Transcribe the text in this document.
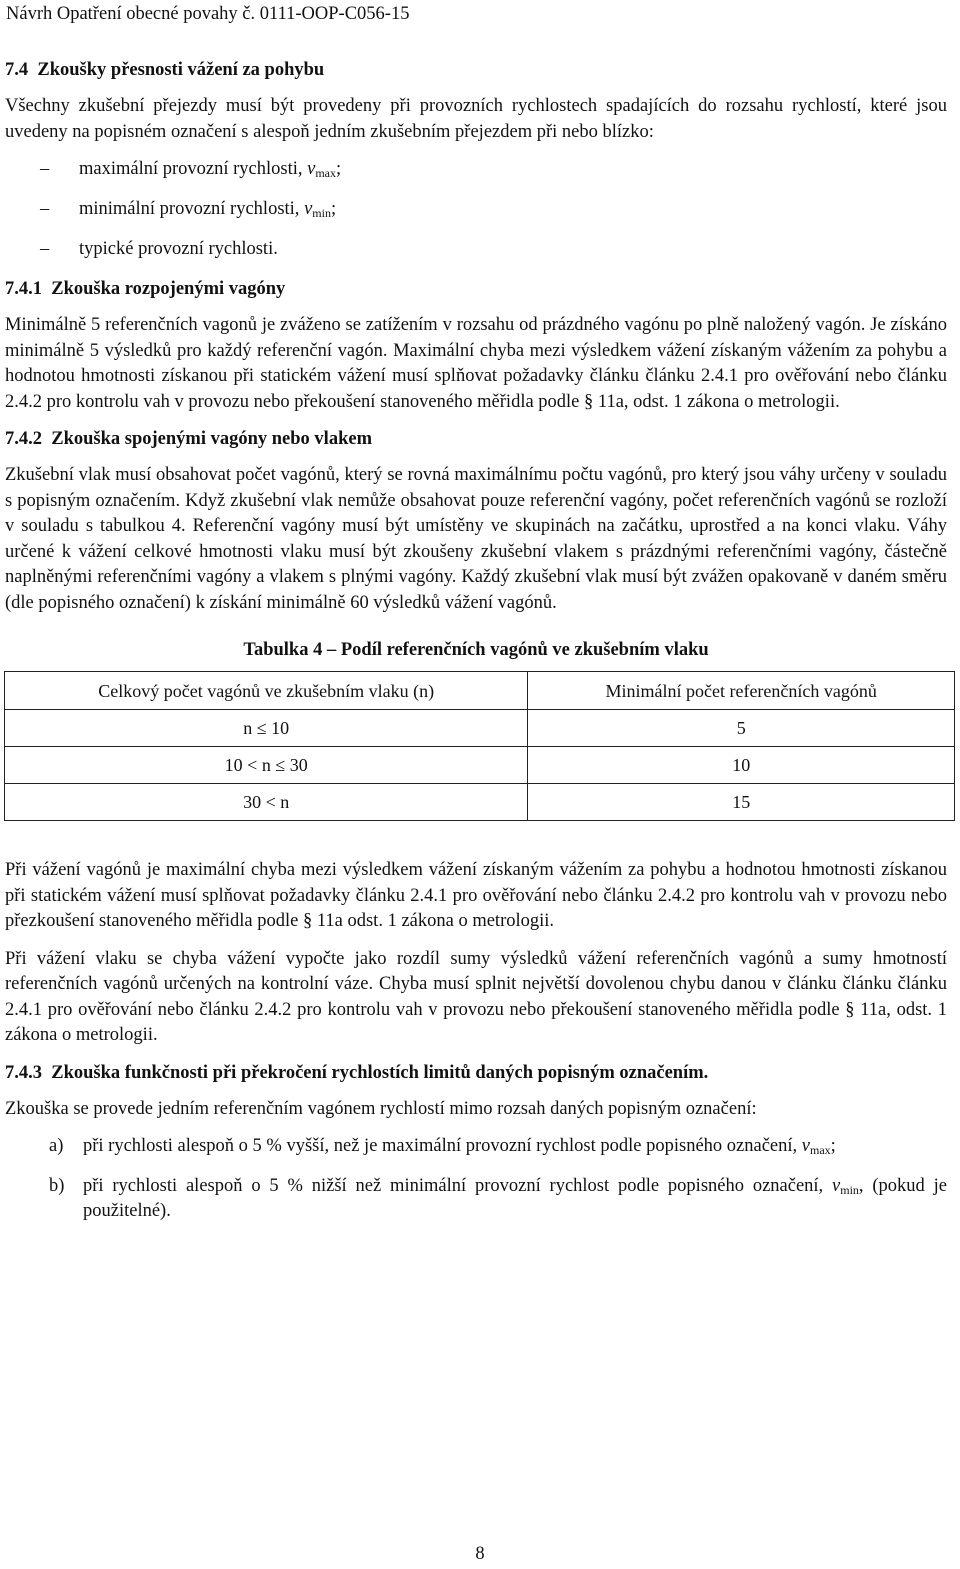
Návrh Opatření obecné povahy č. 0111-OOP-C056-15
7.4 Zkoušky přesnosti vážení za pohybu

Všechny zkušební přejezdy musí být provedeny při provozních rychlostech spadajících do rozsahu rychlostí, které jsou uvedeny na popisném označení s alespoň jedním zkušebním přejezdem při nebo blízko:

– maximální provozní rychlosti, $v_{max}$;
– minimální provozní rychlosti, $v_{min}$;
– typické provozní rychlosti.
7.4.1 Zkouška rozpojenými vagóny

Minimálně 5 referenčních vagonů je zváženo se zatížením v rozsahu od prázdného vagónu po plně naložený vagón. Je získáno minimálně 5 výsledků pro každý referenční vagón. Maximální chyba mezi výsledkem vážení získaným vážením za pohybu a hodnotou hmotnosti získanou při statickém vážení musí splňovat požadavky článku článku 2.4.1 pro ověřování nebo článku 2.4.2 pro kontrolu vah v provozu nebo překoušení stanoveného měřidla podle § 11a, odst. 1 zákona o metrologii.

7.4.2 Zkouška spojenými vagóny nebo vlakem

Zkušební vlak musí obsahovat počet vagónů, který se rovná maximálnímu počtu vagónů, pro který jsou váhy určeny v souladu s popisným označením. Když zkušební vlak nemůže obsahovat pouze referenční vagóny, počet referenčních vagónů se rozloží v souladu s tabulkou 4. Referenční vagóny musí být umístěny ve skupinách na začátku, uprostřed a na konci vlaku. Váhy určené k vážení celkové hmotnosti vlaku musí být zkoušeny zkušební vlakem s prázdnými referenčními vagóny, částečně naplněnými referenčními vagóny a vlakem s plnými vagóny. Každý zkušební vlak musí být zvážen opakovaně v daném směru (dle popisného označení) k získání minimálně 60 výsledků vážení vagónů.

Tabulka 4 – Podíl referenčních vagónů ve zkušebním vlaku
Celkový počet vagónů ve zkušebním vlaku (n)	Minimální počet referenčních vagónů
n ≤ 10	5
10 < n ≤ 30	10
30 < n	15

Při vážení vagónů je maximální chyba mezi výsledkem vážení získaným vážením za pohybu a hodnotou hmotnosti získanou při statickém vážení musí splňovat požadavky článku 2.4.1 pro ověřování nebo článku 2.4.2 pro kontrolu vah v provozu nebo přezkoušení stanoveného měřidla podle § 11a odst. 1 zákona o metrologii.

Při vážení vlaku se chyba vážení vypočte jako rozdíl sumy výsledků vážení referenčních vagónů a sumy hmotností referenčních vagónů určených na kontrolní váze. Chyba musí splnit největší dovolenou chybu danou v článku článku článku 2.4.1 pro ověřování nebo článku 2.4.2 pro kontrolu vah v provozu nebo překoušení stanoveného měřidla podle § 11a, odst. 1 zákona o metrologii.

7.4.3 Zkouška funkčnosti při překročení rychlostích limitů daných popisným označením.

Zkouška se provede jedním referenčním vagónem rychlostí mimo rozsah daných popisným označení:

a) při rychlosti alespoň o 5 % vyšší, než je maximální provozní rychlost podle popisného označení, $v_{max}$;
b) při rychlosti alespoň o 5 % nižší než minimální provozní rychlost podle popisného označení, $v_{min}$, (pokud je použitelné).
8
